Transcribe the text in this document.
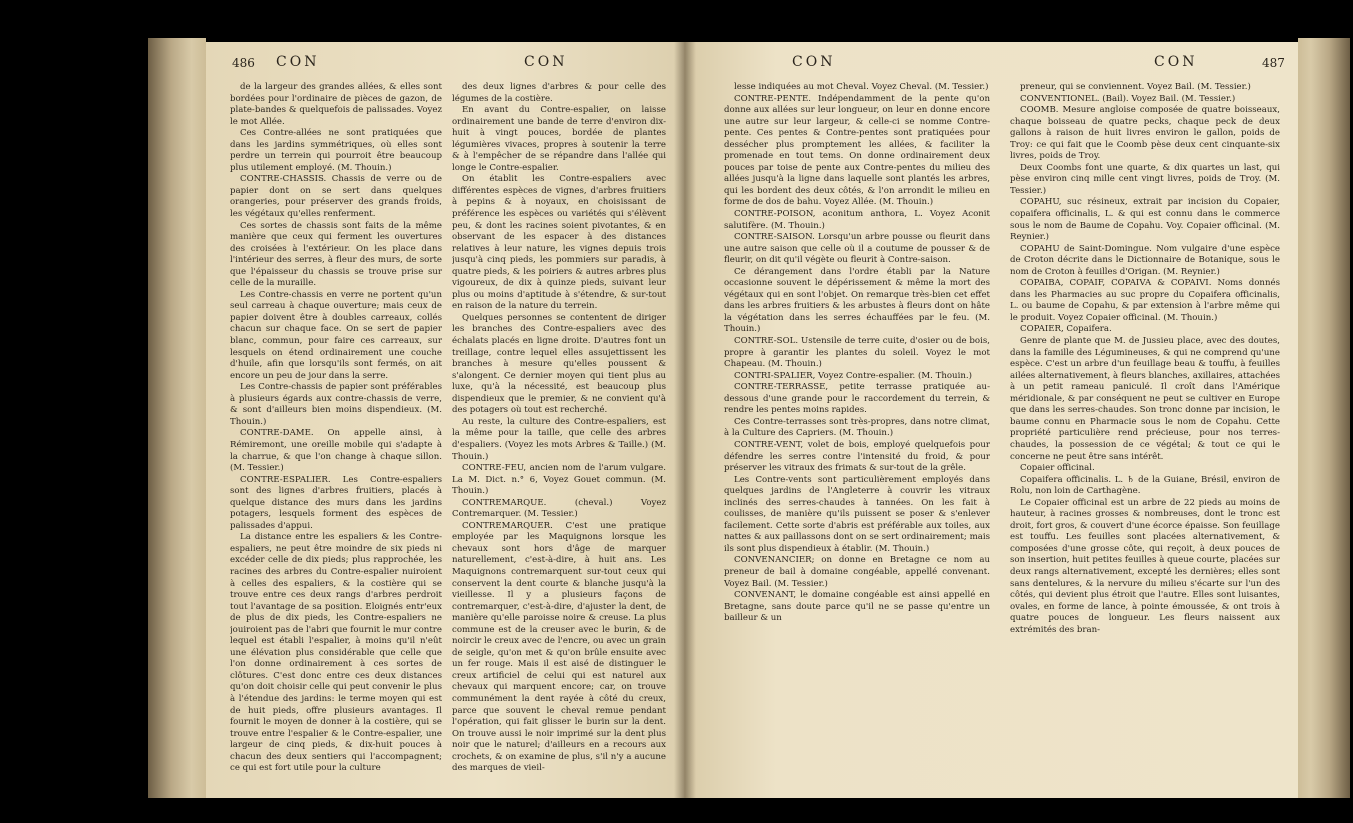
486 CON	CON

de la largeur des grandes allées, & elles sont bordées pour l'ordinaire de pièces de gazon, de plate-bandes & quelquefois de palissades. Voyez le mot Allée.

Ces Contre-allées ne sont pratiquées que dans les jardins symmétriques, où elles sont perdre un terrein qui pourroit être beaucoup plus utilement employé. (M. Thouin.)

CONTRE-CHASSIS. Chassis de verre ou de papier dont on se sert dans quelques orangeries, pour préserver des grands froids, les végétaux qu'elles renferment.

Ces sortes de chassis sont faits de la même manière que ceux qui ferment les ouvertures des croisées à l'extérieur. On les place dans l'intérieur des serres, à fleur des murs, de sorte que l'épaisseur du chassis se trouve prise sur celle de la muraille.

Les Contre-chassis en verre ne portent qu'un seul carreau à chaque ouverture; mais ceux de papier doivent être à doubles carreaux, collés chacun sur chaque face. On se sert de papier blanc, commun, pour faire ces carreaux, sur lesquels on étend ordinairement une couche d'huile, afin que lorsqu'ils sont fermés, on ait encore un peu de jour dans la serre.

Les Contre-chassis de papier sont préférables à plusieurs égards aux contre-chassis de verre, & sont d'ailleurs bien moins dispendieux. (M. Thouin.)

CONTRE-DAME. On appelle ainsi, à Rémiremont, une oreille mobile qui s'adapte à la charrue, & que l'on change à chaque sillon. (M. Tessier.)

CONTRE-ESPALIER. Les Contre-espaliers sont des lignes d'arbres fruitiers, placés à quelque distance des murs dans les jardins potagers, lesquels forment des espèces de palissades d'appui.

La distance entre les espaliers & les Contre-espaliers, ne peut être moindre de six pieds ni excéder celle de dix pieds; plus rapprochée, les racines des arbres du Contre-espalier nuiroient à celles des espaliers, & la costière qui se trouve entre ces deux rangs d'arbres perdroit tout l'avantage de sa position. Eloignés entr'eux de plus de dix pieds, les Contre-espaliers ne jouiroient pas de l'abri que fournit le mur contre lequel est établi l'espalier, à moins qu'il n'eût une élévation plus considérable que celle que l'on donne ordinairement à ces sortes de clôtures. C'est donc entre ces deux distances qu'on doit choisir celle qui peut convenir le plus à l'étendue des jardins: le terme moyen qui est de huit pieds, offre plusieurs avantages. Il fournit le moyen de donner à la costière, qui se trouve entre l'espalier & le Contre-espalier, une largeur de cinq pieds, & dix-huit pouces à chacun des deux sentiers qui l'accompagnent; ce qui est fort utile pour la culture

des deux lignes d'arbres & pour celle des légumes de la costière.

En avant du Contre-espalier, on laisse ordinairement une bande de terre d'environ dix-huit à vingt pouces, bordée de plantes légumières vivaces, propres à soutenir la terre & à l'empêcher de se répandre dans l'allée qui longe le Contre-espalier.

On établit les Contre-espaliers avec différentes espèces de vignes, d'arbres fruitiers à pepins & à noyaux, en choisissant de préférence les espèces ou variétés qui s'élèvent peu, & dont les racines soient pivotantes, & en observant de les espacer à des distances relatives à leur nature, les vignes depuis trois jusqu'à cinq pieds, les pommiers sur paradis, à quatre pieds, & les poiriers & autres arbres plus vigoureux, de dix à quinze pieds, suivant leur plus ou moins d'aptitude à s'étendre, & sur-tout en raison de la nature du terrein.

Quelques personnes se contentent de diriger les branches des Contre-espaliers avec des échalats placés en ligne droite. D'autres font un treillage, contre lequel elles assujettissent les branches à mesure qu'elles poussent & s'alongent. Ce dernier moyen qui tient plus au luxe, qu'à la nécessité, est beaucoup plus dispendieux que le premier, & ne convient qu'à des potagers où tout est recherché.

Au reste, la culture des Contre-espaliers, est la même pour la taille, que celle des arbres d'espaliers. (Voyez les mots Arbres & Taille.) (M. Thouin.)

CONTRE-FEU, ancien nom de l'arum vulgare. La M. Dict. n.° 6, Voyez Gouet commun. (M. Thouin.)

CONTREMARQUE. (cheval.) Voyez Contremarquer. (M. Tessier.)

CONTREMARQUER. C'est une pratique employée par les Maquignons lorsque les chevaux sont hors d'âge de marquer naturellement, c'est-à-dire, à huit ans. Les Maquignons contremarquent sur-tout ceux qui conservent la dent courte & blanche jusqu'à la vieillesse. Il y a plusieurs façons de contremarquer, c'est-à-dire, d'ajuster la dent, de manière qu'elle paroisse noire & creuse. La plus commune est de la creuser avec le burin, & de noircir le creux avec de l'encre, ou avec un grain de seigle, qu'on met & qu'on brûle ensuite avec un fer rouge. Mais il est aisé de distinguer le creux artificiel de celui qui est naturel aux chevaux qui marquent encore; car, on trouve communément la dent rayée à côté du creux, parce que souvent le cheval remue pendant l'opération, qui fait glisser le burin sur la dent. On trouve aussi le noir imprimé sur la dent plus noir que le naturel; d'ailleurs en a recours aux crochets, & on examine de plus, s'il n'y a aucune des marques de vieil-

CON	CON	487

lesse indiquées au mot Cheval. Voyez Cheval. (M. Tessier.)

CONTRE-PENTE. Indépendamment de la pente qu'on donne aux allées sur leur longueur, on leur en donne encore une autre sur leur largeur, & celle-ci se nomme Contre-pente. Ces pentes & Contre-pentes sont pratiquées pour dessécher plus promptement les allées, & faciliter la promenade en tout tems. On donne ordinairement deux pouces par toise de pente aux Contre-pentes du milieu des allées jusqu'à la ligne dans laquelle sont plantés les arbres, qui les bordent des deux côtés, & l'on arrondit le milieu en forme de dos de bahu. Voyez Allée. (M. Thouin.)

CONTRE-POISON, aconitum anthora, L. Voyez Aconit salutifère. (M. Thouin.)

CONTRE-SAISON. Lorsqu'un arbre pousse ou fleurit dans une autre saison que celle où il a coutume de pousser & de fleurir, on dit qu'il végète ou fleurit à Contre-saison.

Ce dérangement dans l'ordre établi par la Nature occasionne souvent le dépérissement & même la mort des végétaux qui en sont l'objet. On remarque très-bien cet effet dans les arbres fruitiers & les arbustes à fleurs dont on hâte la végétation dans les serres échauffées par le feu. (M. Thouin.)

CONTRE-SOL. Ustensile de terre cuite, d'osier ou de bois, propre à garantir les plantes du soleil. Voyez le mot Chapeau. (M. Thouin.)

CONTRI-SPALIER, Voyez Contre-espalier. (M. Thouin.)

CONTRE-TERRASSE, petite terrasse pratiquée au-dessous d'une grande pour le raccordement du terrein, & rendre les pentes moins rapides.

Ces Contre-terrasses sont très-propres, dans notre climat, à la Culture des Capriers. (M. Thouin.)

CONTRE-VENT, volet de bois, employé quelquefois pour défendre les serres contre l'intensité du froid, & pour préserver les vitraux des frimats & sur-tout de la grêle.

Les Contre-vents sont particulièrement employés dans quelques jardins de l'Angleterre à couvrir les vitraux inclinés des serres-chaudes à tannées. On les fait à coulisses, de manière qu'ils puissent se poser & s'enlever facilement. Cette sorte d'abris est préférable aux toiles, aux nattes & aux paillassons dont on se sert ordinairement; mais ils sont plus dispendieux à établir. (M. Thouin.)

CONVENANCIER; on donne en Bretagne ce nom au preneur de bail à domaine congéable, appellé convenant. Voyez Bail. (M. Tessier.)

CONVENANT, le domaine congéable est ainsi appellé en Bretagne, sans doute parce qu'il ne se passe qu'entre un bailleur & un

preneur, qui se conviennent. Voyez Bail. (M. Tessier.)

CONVENTIONEL. (Bail). Voyez Bail. (M. Tessier.)

COOMB. Mesure angloise composée de quatre boisseaux, chaque boisseau de quatre pecks, chaque peck de deux gallons à raison de huit livres environ le gallon, poids de Troy: ce qui fait que le Coomb pèse deux cent cinquante-six livres, poids de Troy.

Deux Coombs font une quarte, & dix quartes un last, qui pèse environ cinq mille cent vingt livres, poids de Troy. (M. Tessier.)

COPAHU, suc résineux, extrait par incision du Copaier, copaifera officinalis, L. & qui est connu dans le commerce sous le nom de Baume de Copahu. Voy. Copaier officinal. (M. Reynier.)

COPAHU de Saint-Domingue. Nom vulgaire d'une espèce de Croton décrite dans le Dictionnaire de Botanique, sous le nom de Croton à feuilles d'Origan. (M. Reynier.)

COPAIBA, COPAIF, COPAIVA & COPAIVI. Noms donnés dans les Pharmacies au suc propre du Copaifera officinalis, L. ou baume de Copahu, & par extension à l'arbre même qui le produit. Voyez Copaier officinal. (M. Thouin.)

COPAIER, Copaifera.

Genre de plante que M. de Jussieu place, avec des doutes, dans la famille des Légumineuses, & qui ne comprend qu'une espèce. C'est un arbre d'un feuillage beau & touffu, à feuilles ailées alternativement, à fleurs blanches, axillaires, attachées à un petit rameau paniculé. Il croît dans l'Amérique méridionale, & par conséquent ne peut se cultiver en Europe que dans les serres-chaudes. Son tronc donne par incision, le baume connu en Pharmacie sous le nom de Copahu. Cette propriété particulière rend précieuse, pour nos terres-chaudes, la possession de ce végétal; & tout ce qui le concerne ne peut être sans intérêt.

Copaier officinal.

Copaifera officinalis. L. ♄ de la Guiane, Brésil, environ de Rolu, non loin de Carthagène.

Le Copaier officinal est un arbre de 22 pieds au moins de hauteur, à racines grosses & nombreuses, dont le tronc est droit, fort gros, & couvert d'une écorce épaisse. Son feuillage est touffu. Les feuilles sont placées alternativement, & composées d'une grosse côte, qui reçoit, à deux pouces de son insertion, huit petites feuilles à queue courte, placées sur deux rangs alternativement, excepté les dernières; elles sont sans dentelures, & la nervure du milieu s'écarte sur l'un des côtés, qui devient plus étroit que l'autre. Elles sont luisantes, ovales, en forme de lance, à pointe émoussée, & ont trois à quatre pouces de longueur. Les fleurs naissent aux extrémités des bran-
